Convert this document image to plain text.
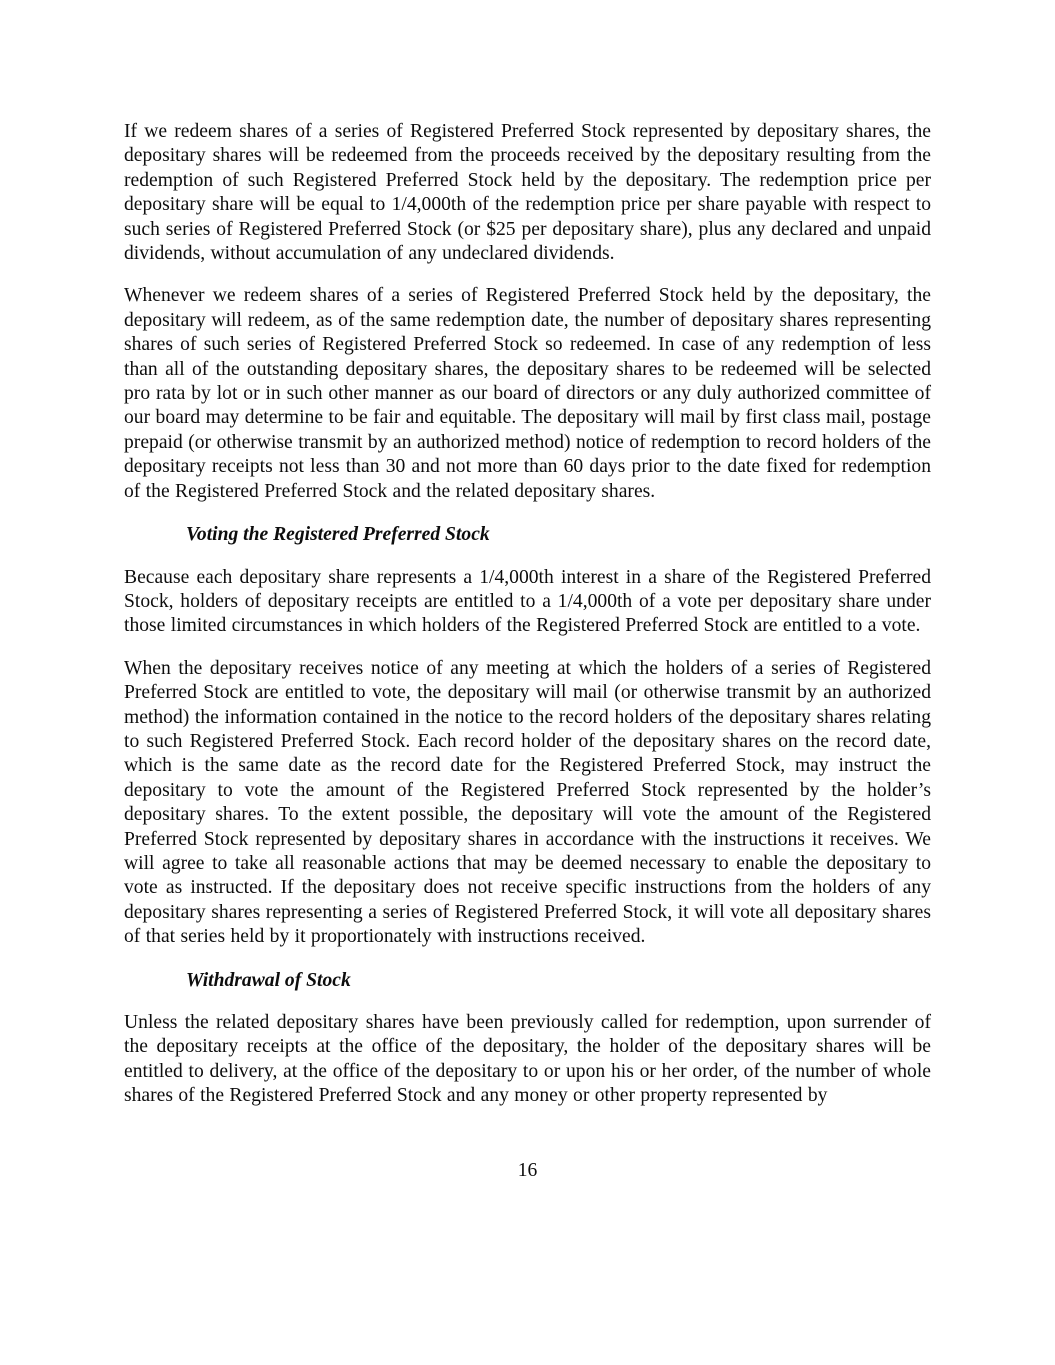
If we redeem shares of a series of Registered Preferred Stock represented by depositary shares, the depositary shares will be redeemed from the proceeds received by the depositary resulting from the redemption of such Registered Preferred Stock held by the depositary. The redemption price per depositary share will be equal to 1/4,000th of the redemption price per share payable with respect to such series of Registered Preferred Stock (or $25 per depositary share), plus any declared and unpaid dividends, without accumulation of any undeclared dividends.

Whenever we redeem shares of a series of Registered Preferred Stock held by the depositary, the depositary will redeem, as of the same redemption date, the number of depositary shares representing shares of such series of Registered Preferred Stock so redeemed. In case of any redemption of less than all of the outstanding depositary shares, the depositary shares to be redeemed will be selected pro rata by lot or in such other manner as our board of directors or any duly authorized committee of our board may determine to be fair and equitable. The depositary will mail by first class mail, postage prepaid (or otherwise transmit by an authorized method) notice of redemption to record holders of the depositary receipts not less than 30 and not more than 60 days prior to the date fixed for redemption of the Registered Preferred Stock and the related depositary shares.

Voting the Registered Preferred Stock

Because each depositary share represents a 1/4,000th interest in a share of the Registered Preferred Stock, holders of depositary receipts are entitled to a 1/4,000th of a vote per depositary share under those limited circumstances in which holders of the Registered Preferred Stock are entitled to a vote.

When the depositary receives notice of any meeting at which the holders of a series of Registered Preferred Stock are entitled to vote, the depositary will mail (or otherwise transmit by an authorized method) the information contained in the notice to the record holders of the depositary shares relating to such Registered Preferred Stock. Each record holder of the depositary shares on the record date, which is the same date as the record date for the Registered Preferred Stock, may instruct the depositary to vote the amount of the Registered Preferred Stock represented by the holder’s depositary shares. To the extent possible, the depositary will vote the amount of the Registered Preferred Stock represented by depositary shares in accordance with the instructions it receives. We will agree to take all reasonable actions that may be deemed necessary to enable the depositary to vote as instructed. If the depositary does not receive specific instructions from the holders of any depositary shares representing a series of Registered Preferred Stock, it will vote all depositary shares of that series held by it proportionately with instructions received.

Withdrawal of Stock

Unless the related depositary shares have been previously called for redemption, upon surrender of the depositary receipts at the office of the depositary, the holder of the depositary shares will be entitled to delivery, at the office of the depositary to or upon his or her order, of the number of whole shares of the Registered Preferred Stock and any money or other property represented by

16
